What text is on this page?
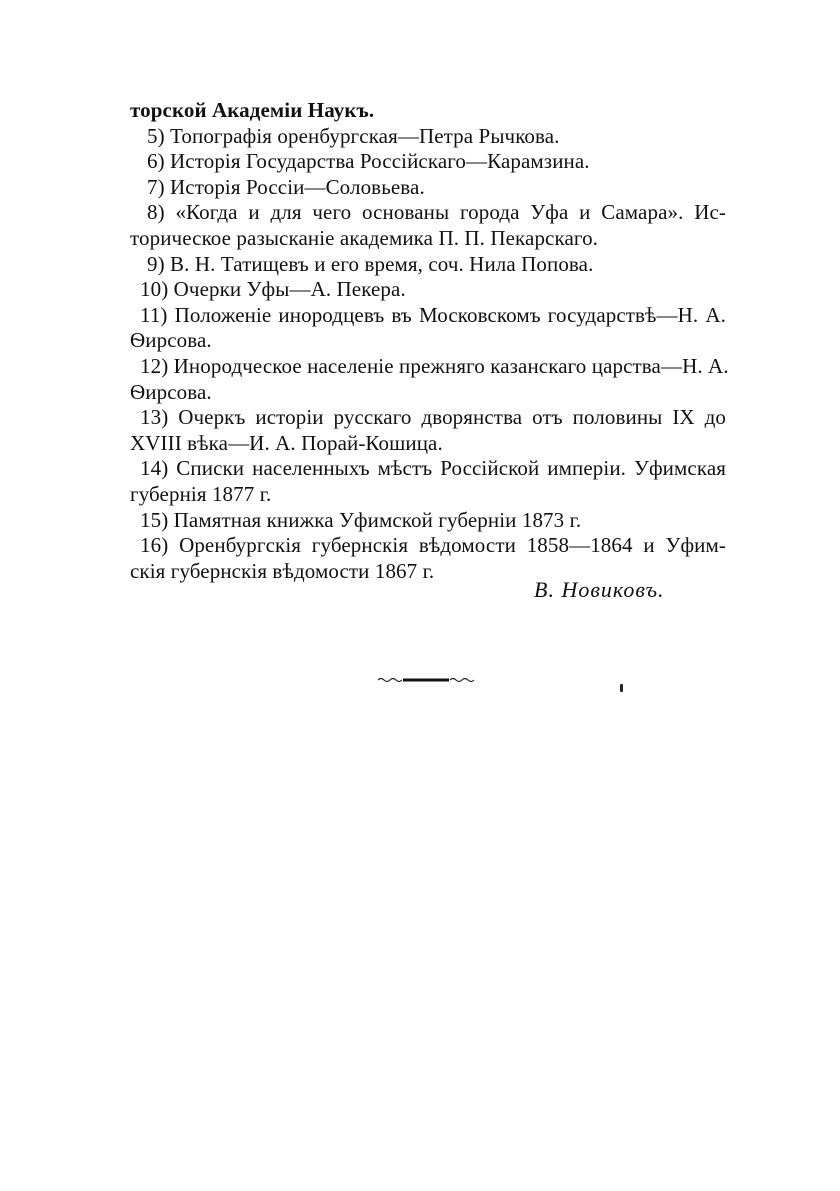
торской Академiи Наукъ.
5) Топографiя оренбургская—Петра Рычкова.
6) Исторiя Государства Россiйскаго—Карамзина.
7) Исторiя Россiи—Соловьева.
8) «Когда и для чего основаны города Уфа и Самара». Ис-
торическое разысканiе академика П. П. Пекарскаго.
9) В. Н. Татищевъ и его время, соч. Нила Попова.
10) Очерки Уфы—А. Пекера.
11) Положенiе инородцевъ въ Московскомъ государствѣ—Н. А.
Ѳирсова.
12) Инородческое населенiе прежняго казанскаго царства—Н. А.
Ѳирсова.
13) Очеркъ исторiи русскаго дворянства отъ половины IX до
XVIII вѣка—И. А. Порай-Кошица.
14) Списки населенныхъ мѣстъ Россiйской имперiи. Уфимская
губернiя 1877 г.
15) Памятная книжка Уфимской губернiи 1873 г.
16) Оренбургскiя губернскiя вѣдомости 1858—1864 и Уфим-
скiя губернскiя вѣдомости 1867 г.
В. Новиковъ.
